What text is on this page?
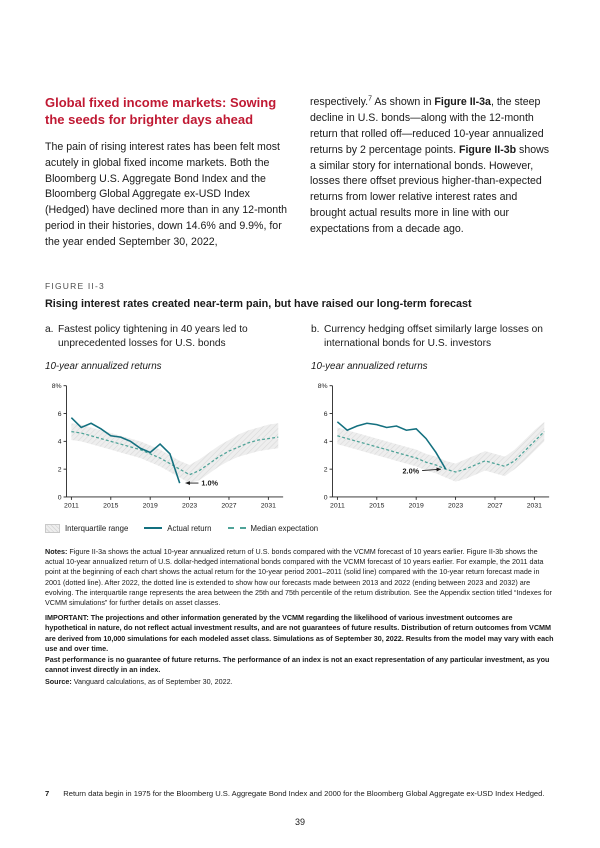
Global fixed income markets: Sowing the seeds for brighter days ahead

The pain of rising interest rates has been felt most acutely in global fixed income markets. Both the Bloomberg U.S. Aggregate Bond Index and the Bloomberg Global Aggregate ex-USD Index (Hedged) have declined more than in any 12-month period in their histories, down 14.6% and 9.9%, for the year ended September 30, 2022,

respectively.$^7$ As shown in Figure II-3a, the steep decline in U.S. bonds—along with the 12-month return that rolled off—reduced 10-year annualized returns by 2 percentage points. Figure II-3b shows a similar story for international bonds. However, losses there offset previous higher-than-expected returns from lower relative interest rates and brought actual results more in line with our expectations from a decade ago.

FIGURE II-3
Rising interest rates created near-term pain, but have raised our long-term forecast

a. Fastest policy tightening in 40 years led to unprecedented losses for U.S. bonds

10-year annualized returns

0
2
4
6
8%
2011	2015	2019	2023	2027	2031
1.0%

b. Currency hedging offset similarly large losses on international bonds for U.S. investors

10-year annualized returns

0
2
4
6
8%
2011	2015	2019	2023	2027	2031
2.0%
Interquartile range	Actual return	Median expectation

Notes: Figure II-3a shows the actual 10-year annualized return of U.S. bonds compared with the VCMM forecast of 10 years earlier. Figure II-3b shows the actual 10-year annualized return of U.S. dollar-hedged international bonds compared with the VCMM forecast of 10 years earlier. For example, the 2011 data point at the beginning of each chart shows the actual return for the 10-year period 2001–2011 (solid line) compared with the 10-year return forecast made in 2001 (dotted line). After 2022, the dotted line is extended to show how our forecasts made between 2013 and 2022 (ending between 2023 and 2032) are evolving. The interquartile range represents the area between the 25th and 75th percentile of the return distribution. See the Appendix section titled “Indexes for VCMM simulations” for further details on asset classes.

IMPORTANT: The projections and other information generated by the VCMM regarding the likelihood of various investment outcomes are hypothetical in nature, do not reflect actual investment results, and are not guarantees of future results. Distribution of return outcomes from VCMM are derived from 10,000 simulations for each modeled asset class. Simulations as of September 30, 2022. Results from the model may vary with each use and over time.

Past performance is no guarantee of future returns. The performance of an index is not an exact representation of any particular investment, as you cannot invest directly in an index.

Source: Vanguard calculations, as of September 30, 2022.

7 Return data begin in 1975 for the Bloomberg U.S. Aggregate Bond Index and 2000 for the Bloomberg Global Aggregate ex-USD Index Hedged.
39
